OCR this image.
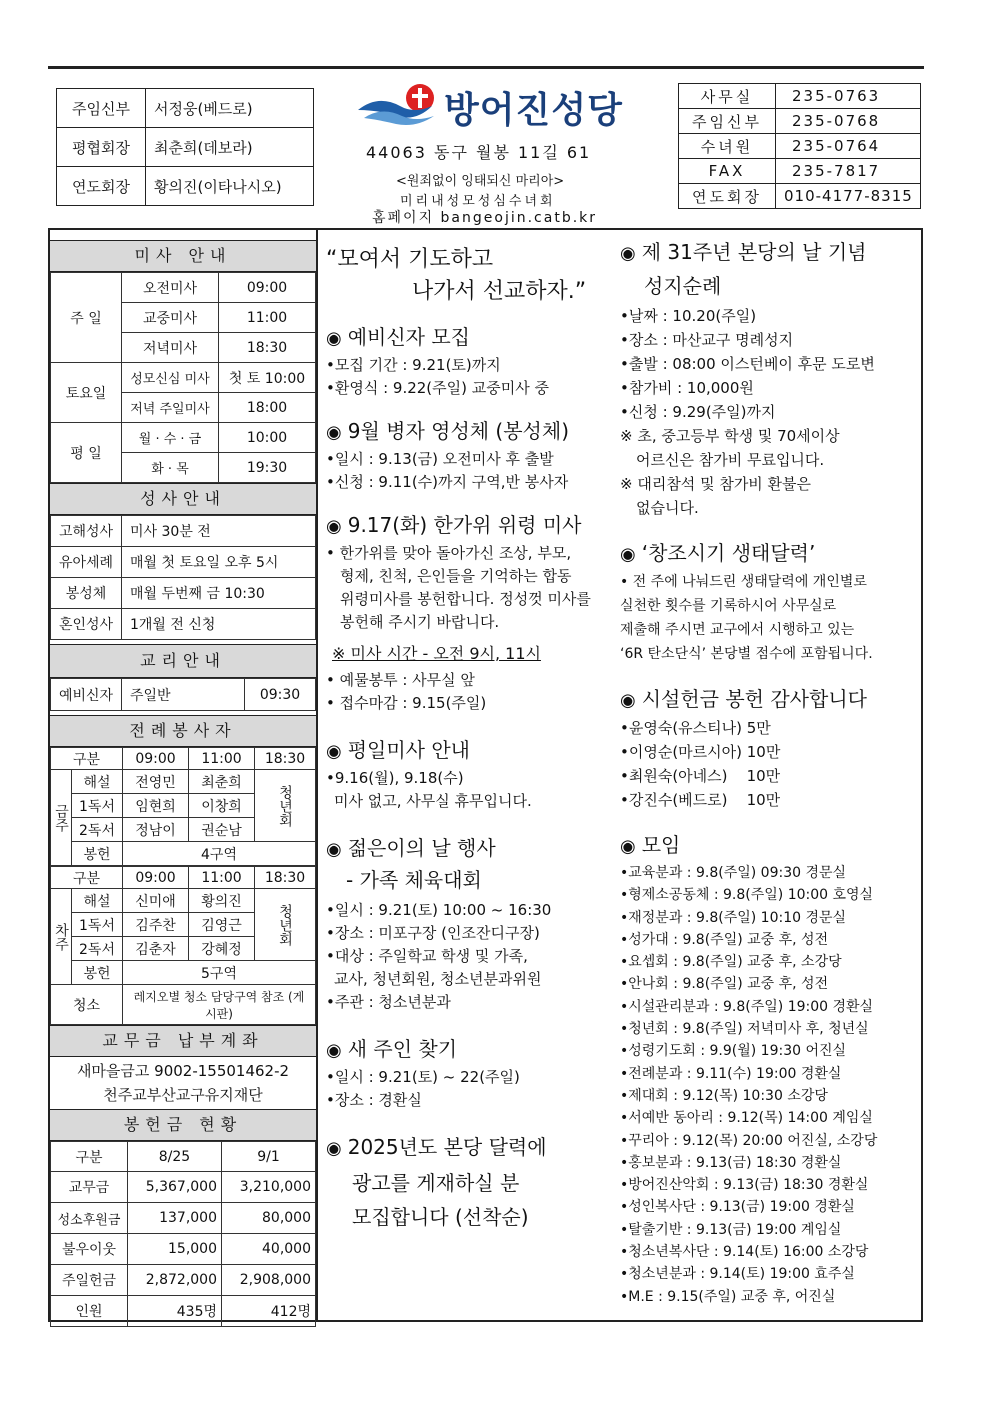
주임신부	서정웅(베드로)
평협회장	최춘희(데보라)
연도회장	황의진(이타나시오)
방어진성당
44063 동구 월봉 11길 61
<원죄없이 잉태되신 마리아>
미리내성모성심수녀회
홈페이지 bangeojin.catb.kr
사무실	235-0763
주임신부	235-0768
수녀원	235-0764
FAX	235-7817
연도회장	010-4177-8315
미사 안내
주 일	오전미사	09:00
	교중미사	11:00
	저녁미사	18:30
토요일	성모신심 미사	첫 토 10:00
	저녁 주일미사	18:00
평 일	월 · 수 · 금	10:00
	화 · 목	19:30
성사안내
고해성사	미사 30분 전
유아세례	매월 첫 토요일 오후 5시
봉성체	매월 두번째 금 10:30
혼인성사	1개월 전 신청
교리안내
예비신자	주일반	09:30
전례봉사자
구분		09:00	11:00	18:30
금주	해설	전영민	최춘희	청년회
	1독서	임현희	이창희	
	2독서	정남이	권순남	
	봉헌	4구역		
구분		09:00	11:00	18:30
차주	해설	신미애	황의진	청년회
	1독서	김주찬	김영근	
	2독서	김춘자	강혜정	
	봉헌	5구역		
청소		레지오별 청소 담당구역 참조 (게시판)		
교무금 납부계좌
새마을금고 9002-15501462-2
천주교부산교구유지재단
봉헌금 현황
구분	8/25	9/1
교무금	5,367,000	3,210,000
성소후원금	137,000	80,000
불우이웃	15,000	40,000
주일헌금	2,872,000	2,908,000
인원	435명	412명
“모여서 기도하고
나가서 선교하자.”
◉ 예비신자 모집

•모집 기간 : 9.21(토)까지

•환영식 : 9.22(주일) 교중미사 중

◉ 9월 병자 영성체 (봉성체)

•일시 : 9.13(금) 오전미사 후 출발

•신청 : 9.11(수)까지 구역,반 봉사자

◉ 9.17(화) 한가위 위령 미사

• 한가위를 맞아 돌아가신 조상, 부모,

형제, 친척, 은인들을 기억하는 합동

위령미사를 봉헌합니다. 정성껏 미사를

봉헌해 주시기 바랍니다.

※ 미사 시간 - 오전 9시, 11시

• 예물봉투 : 사무실 앞

• 접수마감 : 9.15(주일)

◉ 평일미사 안내

•9.16(월), 9.18(수)

미사 없고, 사무실 휴무입니다.

◉ 젊은이의 날 행사
- 가족 체육대회

•일시 : 9.21(토) 10:00 ~ 16:30

•장소 : 미포구장 (인조잔디구장)

•대상 : 주일학교 학생 및 가족,

교사, 청년회원, 청소년분과위원

•주관 : 청소년분과

◉ 새 주인 찾기

•일시 : 9.21(토) ~ 22(주일)

•장소 : 경환실

◉ 2025년도 본당 달력에
광고를 게재하실 분
모집합니다 (선착순)
◉ 제 31주년 본당의 날 기념
성지순례

•날짜 : 10.20(주일)

•장소 : 마산교구 명례성지

•출발 : 08:00 이스턴베이 후문 도로변

•참가비 : 10,000원

•신청 : 9.29(주일)까지

※ 초, 중고등부 학생 및 70세이상

어르신은 참가비 무료입니다.

※ 대리참석 및 참가비 환불은

없습니다.

◉ ‘창조시기 생태달력’

• 전 주에 나눠드린 생태달력에 개인별로

실천한 횟수를 기록하시어 사무실로

제출해 주시면 교구에서 시행하고 있는

‘6R 탄소단식’ 본당별 점수에 포함됩니다.

◉ 시설헌금 봉헌 감사합니다

•윤영숙(유스티나) 5만

•이영순(마르시아) 10만

•최원숙(아네스)    10만

•강진수(베드로)    10만

◉ 모임

•교육분과 : 9.8(주일) 09:30 경문실

•형제소공동체 : 9.8(주일) 10:00 호영실

•재정분과 : 9.8(주일) 10:10 경문실

•성가대 : 9.8(주일) 교중 후, 성전

•요셉회 : 9.8(주일) 교중 후, 소강당

•안나회 : 9.8(주일) 교중 후, 성전

•시설관리분과 : 9.8(주일) 19:00 경환실

•청년회 : 9.8(주일) 저녁미사 후, 청년실

•성령기도회 : 9.9(월) 19:30 어진실

•전례분과 : 9.11(수) 19:00 경환실

•제대회 : 9.12(목) 10:30 소강당

•서예반 동아리 : 9.12(목) 14:00 계임실

•꾸리아 : 9.12(목) 20:00 어진실, 소강당

•홍보분과 : 9.13(금) 18:30 경환실

•방어진산악회 : 9.13(금) 18:30 경환실

•성인복사단 : 9.13(금) 19:00 경환실

•탈출기반 : 9.13(금) 19:00 계임실

•청소년복사단 : 9.14(토) 16:00 소강당

•청소년분과 : 9.14(토) 19:00 효주실

•M.E : 9.15(주일) 교중 후, 어진실
